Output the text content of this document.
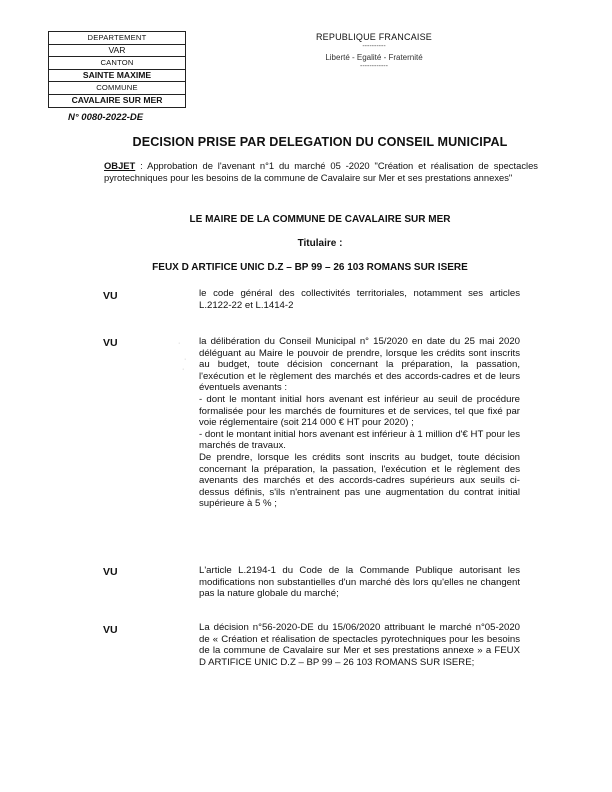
DEPARTEMENT
VAR
CANTON
SAINTE MAXIME
COMMUNE
CAVALAIRE SUR MER
REPUBLIQUE FRANCAISE
----------
Liberté - Egalité - Fraternité
------------
N° 0080-2022-DE
DECISION PRISE PAR DELEGATION DU CONSEIL MUNICIPAL
OBJET : Approbation de l'avenant n°1 du marché 05 -2020 "Création et réalisation de spectacles pyrotechniques pour les besoins de la commune de Cavalaire sur Mer et ses prestations annexes"
LE MAIRE DE LA COMMUNE DE CAVALAIRE SUR MER
Titulaire :
FEUX D ARTIFICE UNIC D.Z – BP 99 – 26 103 ROMANS SUR ISERE
VU	le code général des collectivités territoriales, notamment ses articles L.2122-22 et L.1414-2

VU	la délibération du Conseil Municipal n° 15/2020 en date du 25 mai 2020 déléguant au Maire le pouvoir de prendre, lorsque les crédits sont inscrits au budget, toute décision concernant la préparation, la passation, l'exécution et le règlement des marchés et des accords-cadres et de leurs éventuels avenants :

- dont le montant initial hors avenant est inférieur au seuil de procédure formalisée pour les marchés de fournitures et de services, tel que fixé par voie réglementaire (soit 214 000 € HT pour 2020) ;

- dont le montant initial hors avenant est inférieur à 1 million d'€ HT pour les marchés de travaux.

De prendre, lorsque les crédits sont inscrits au budget, toute décision concernant la préparation, la passation, l'exécution et le règlement des avenants des marchés et des accords-cadres supérieurs aux seuils ci-dessus définis, s'ils n'entrainent pas une augmentation du contrat initial supérieure à 5 % ;

VU	L'article L.2194-1 du Code de la Commande Publique autorisant les modifications non substantielles d'un marché dès lors qu'elles ne changent pas la nature globale du marché;

VU	La décision n°56-2020-DE du 15/06/2020 attribuant le marché n°05-2020 de « Création et réalisation de spectacles pyrotechniques pour les besoins de la commune de Cavalaire sur Mer et ses prestations annexe » a FEUX D ARTIFICE UNIC D.Z – BP 99 – 26 103 ROMANS SUR ISERE;

·
·
·
